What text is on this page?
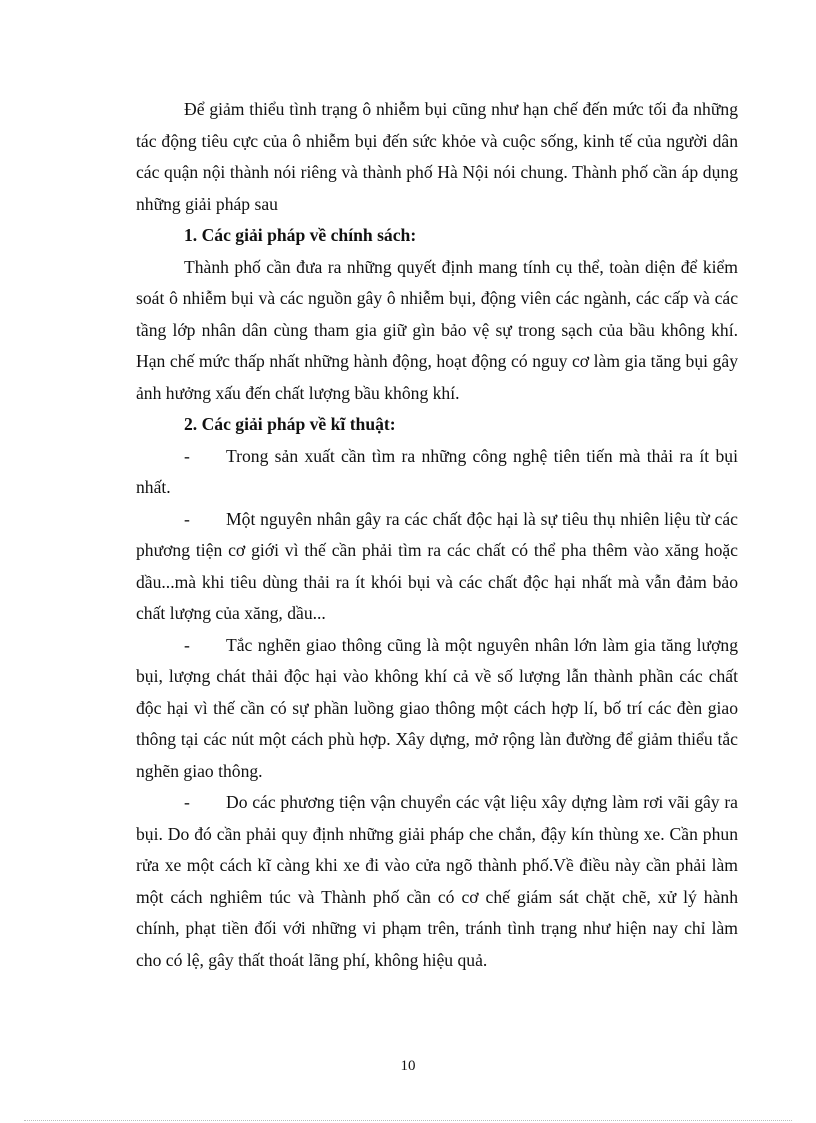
Để giảm thiểu tình trạng ô nhiễm bụi cũng như hạn chế đến mức tối đa những tác động tiêu cực của ô nhiễm bụi đến sức khỏe và cuộc sống, kinh tế của người dân các quận nội thành nói riêng và thành phố Hà Nội nói chung. Thành phố cần áp dụng những giải pháp sau

1. Các giải pháp về chính sách:

Thành phố cần đưa ra những quyết định mang tính cụ thể, toàn diện để kiểm soát ô nhiễm bụi và các nguồn gây ô nhiễm bụi, động viên các ngành, các cấp và các tầng lớp nhân dân cùng tham gia giữ gìn bảo vệ sự trong sạch của bầu không khí. Hạn chế mức thấp nhất những hành động, hoạt động có nguy cơ làm gia tăng bụi gây ảnh hưởng xấu đến chất lượng bầu không khí.

2. Các giải pháp về kĩ thuật:

- Trong sản xuất cần tìm ra những công nghệ tiên tiến mà thải ra ít bụi nhất.

- Một nguyên nhân gây ra các chất độc hại là sự tiêu thụ nhiên liệu từ các phương tiện cơ giới vì thế cần phải tìm ra các chất có thể pha thêm vào xăng hoặc dầu...mà khi tiêu dùng thải ra ít khói bụi và các chất độc hại nhất mà vẫn đảm bảo chất lượng của xăng, dầu...

- Tắc nghẽn giao thông cũng là một nguyên nhân lớn làm gia tăng lượng bụi, lượng chát thải độc hại vào không khí cả về số lượng lẫn thành phần các chất độc hại vì thế cần có sự phần luồng giao thông một cách hợp lí, bố trí các đèn giao thông tại các nút một cách phù hợp. Xây dựng, mở rộng làn đường để giảm thiểu tắc nghẽn giao thông.

- Do các phương tiện vận chuyển các vật liệu xây dựng làm rơi vãi gây ra bụi. Do đó cần phải quy định những giải pháp che chắn, đậy kín thùng xe. Cần phun rửa xe một cách kĩ càng khi xe đi vào cửa ngõ thành phố.Về điều này cần phải làm một cách nghiêm túc và Thành phố cần có cơ chế giám sát chặt chẽ, xử lý hành chính, phạt tiền đối với những vi phạm trên, tránh tình trạng như hiện nay chỉ làm cho có lệ, gây thất thoát lãng phí, không hiệu quả.

10
